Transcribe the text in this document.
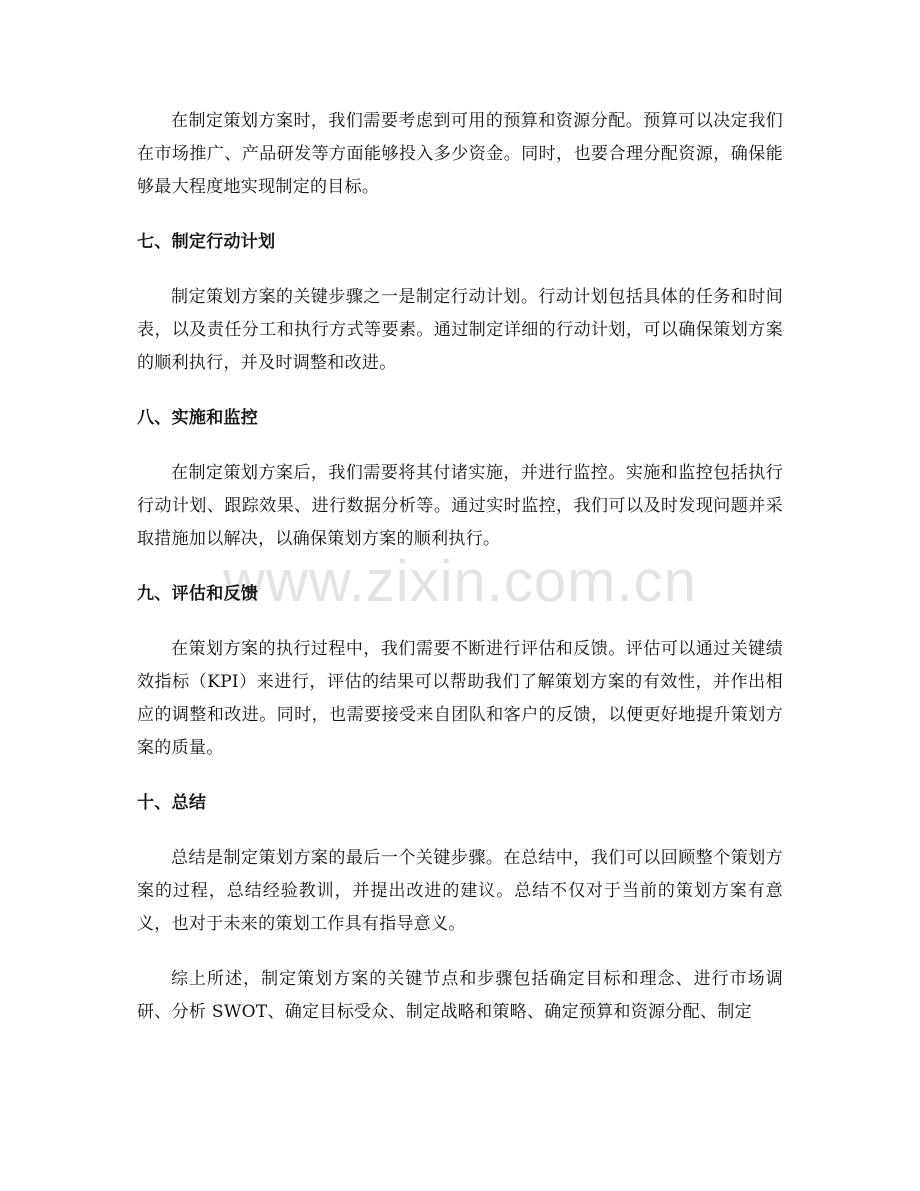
在制定策划方案时，我们需要考虑到可用的预算和资源分配。预算可以决定我们在市场推广、产品研发等方面能够投入多少资金。同时，也要合理分配资源，确保能够最大程度地实现制定的目标。

七、制定行动计划

制定策划方案的关键步骤之一是制定行动计划。行动计划包括具体的任务和时间表，以及责任分工和执行方式等要素。通过制定详细的行动计划，可以确保策划方案的顺利执行，并及时调整和改进。

八、实施和监控

在制定策划方案后，我们需要将其付诸实施，并进行监控。实施和监控包括执行行动计划、跟踪效果、进行数据分析等。通过实时监控，我们可以及时发现问题并采取措施加以解决，以确保策划方案的顺利执行。

九、评估和反馈

在策划方案的执行过程中，我们需要不断进行评估和反馈。评估可以通过关键绩效指标（KPI）来进行，评估的结果可以帮助我们了解策划方案的有效性，并作出相应的调整和改进。同时，也需要接受来自团队和客户的反馈，以便更好地提升策划方案的质量。

十、总结

总结是制定策划方案的最后一个关键步骤。在总结中，我们可以回顾整个策划方案的过程，总结经验教训，并提出改进的建议。总结不仅对于当前的策划方案有意义，也对于未来的策划工作具有指导意义。

综上所述，制定策划方案的关键节点和步骤包括确定目标和理念、进行市场调研、分析 SWOT、确定目标受众、制定战略和策略、确定预算和资源分配、制定

www.zixin.com.cn
